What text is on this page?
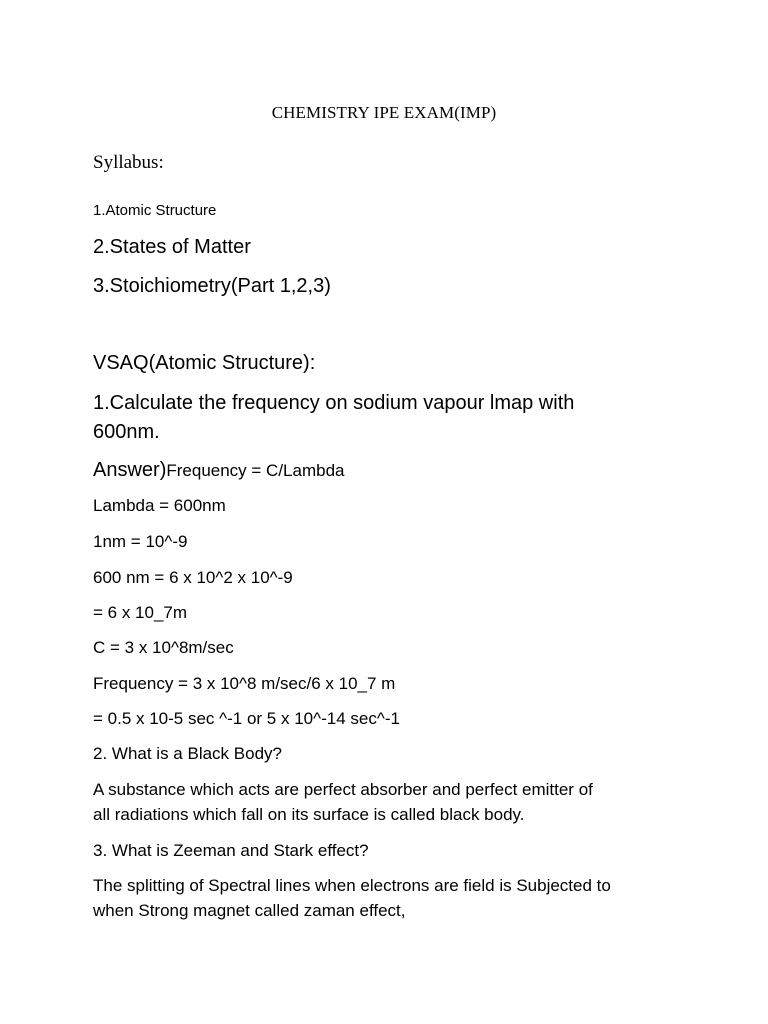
CHEMISTRY IPE EXAM(IMP)
Syllabus:
1.Atomic Structure
2.States of Matter
3.Stoichiometry(Part 1,2,3)
VSAQ(Atomic Structure):
1.Calculate the frequency on sodium vapour lmap with
600nm.
Answer)Frequency = C/Lambda
Lambda = 600nm
1nm = 10^-9
600 nm = 6 x 10^2 x 10^-9
= 6 x 10_7m
C = 3 x 10^8m/sec
Frequency = 3 x 10^8 m/sec/6 x 10_7 m
= 0.5 x 10-5 sec ^-1 or 5 x 10^-14 sec^-1
2. What is a Black Body?
A substance which acts are perfect absorber and perfect emitter of
all radiations which fall on its surface is called black body.
3. What is Zeeman and Stark effect?
The splitting of Spectral lines when electrons are field is Subjected to
when Strong magnet called zaman effect,
